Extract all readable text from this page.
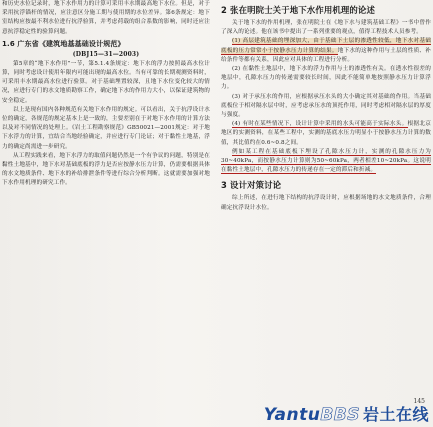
和历史水位记录时，地下水作用力的计算可采用丰水期最高地下水位。但是，对于采用抗浮锚杆的情况，应注意区分施工期与使用期的水位差异。第6条规定：地下室结构应按最不利水位进行抗浮验算，并考虑荷载的组合系数的影响，同时还应注意抗浮稳定性的验算问题。

1.6 广东省《建筑地基基础设计规范》
(DBJ15—31—2003)

第5章的“地下水作用”一节，第5.1.4条规定：地下水的浮力按照最高水位计算，同时考虑设计使用年限内可能出现的最高水位。当有可靠的长期观测资料时，可采用丰水期最高水位进行验算。对于基础埋置较深，且地下水位变化较大的情况，应进行专门的水文地质勘察工作，确定地下水的作用力大小，以保证建筑物的安全稳定。

以上是现有国内各种规范有关地下水作用的规定。可以看出，关于抗浮设计水位的确定，各规范的规定基本上是一致的，主要差别在于对地下水作用的计算方法以及对不同情况的处理上。《岩土工程勘察规范》GB50021—2001规定：对于地下水浮力的计算，宜结合当地经验确定，并应进行专门论证；对于黏性土地基，浮力的确定尚需进一步研究。

从工程实践来看，地下水浮力的取值问题仍然是一个有争议的问题，特别是在黏性土地基中，地下水对基础底板的浮力是否应按静水压力计算，仍需要根据具体的水文地质条件、地下水的补给排泄条件等进行综合分析判断。这就需要加强对地下水作用机理的研究工作。

2 张在明院士关于地下水作用机理的论述

关于地下水的作用机理，张在明院士在《地下水与建筑基础工程》一书中曾作了深入的论述。他在该书中提出了一系列重要的观点，值得工程技术人员参考。

(1) 高层建筑基础的埋深加大，由于基础下土层的渗透性较低，地下水对基础底板的压力常常小于按静水压力计算的结果。地下水的这种作用与土层的性质、补给条件等都有关系，因此应对具体的工程进行分析。

(2) 在黏性土地层中，地下水的浮力作用与土的渗透性有关。在透水性很差的地层中，孔隙水压力的传递需要较长时间，因此不能简单地按照静水压力计算浮力。

(3) 对于承压水的作用，应根据承压水头的大小确定其对基础的作用。当基础底板位于相对隔水层中时，应考虑承压水的顶托作用，同时考虑相对隔水层的厚度与强度。

(4) 有时在某些情况下，设计计算中采用的水头可能高于实际水头。根据北京地区的实测资料，在某些工程中，实测的基底水压力明显小于按静水压力计算的数值，其比值约在0.6~0.8之间。

例如某工程在基础底板下埋设了孔隙水压力计，实测的孔隙水压力为30~40kPa，而按静水压力计算则为50~60kPa，两者相差10~20kPa。这说明在黏性土地层中，孔隙水压力的传递存在一定的滞后和折减。

3 设计对策讨论

综上所述，在进行地下结构的抗浮设计时，应根据场地的水文地质条件，合理确定抗浮设计水位。

YantuBBS 岩土在线
145
